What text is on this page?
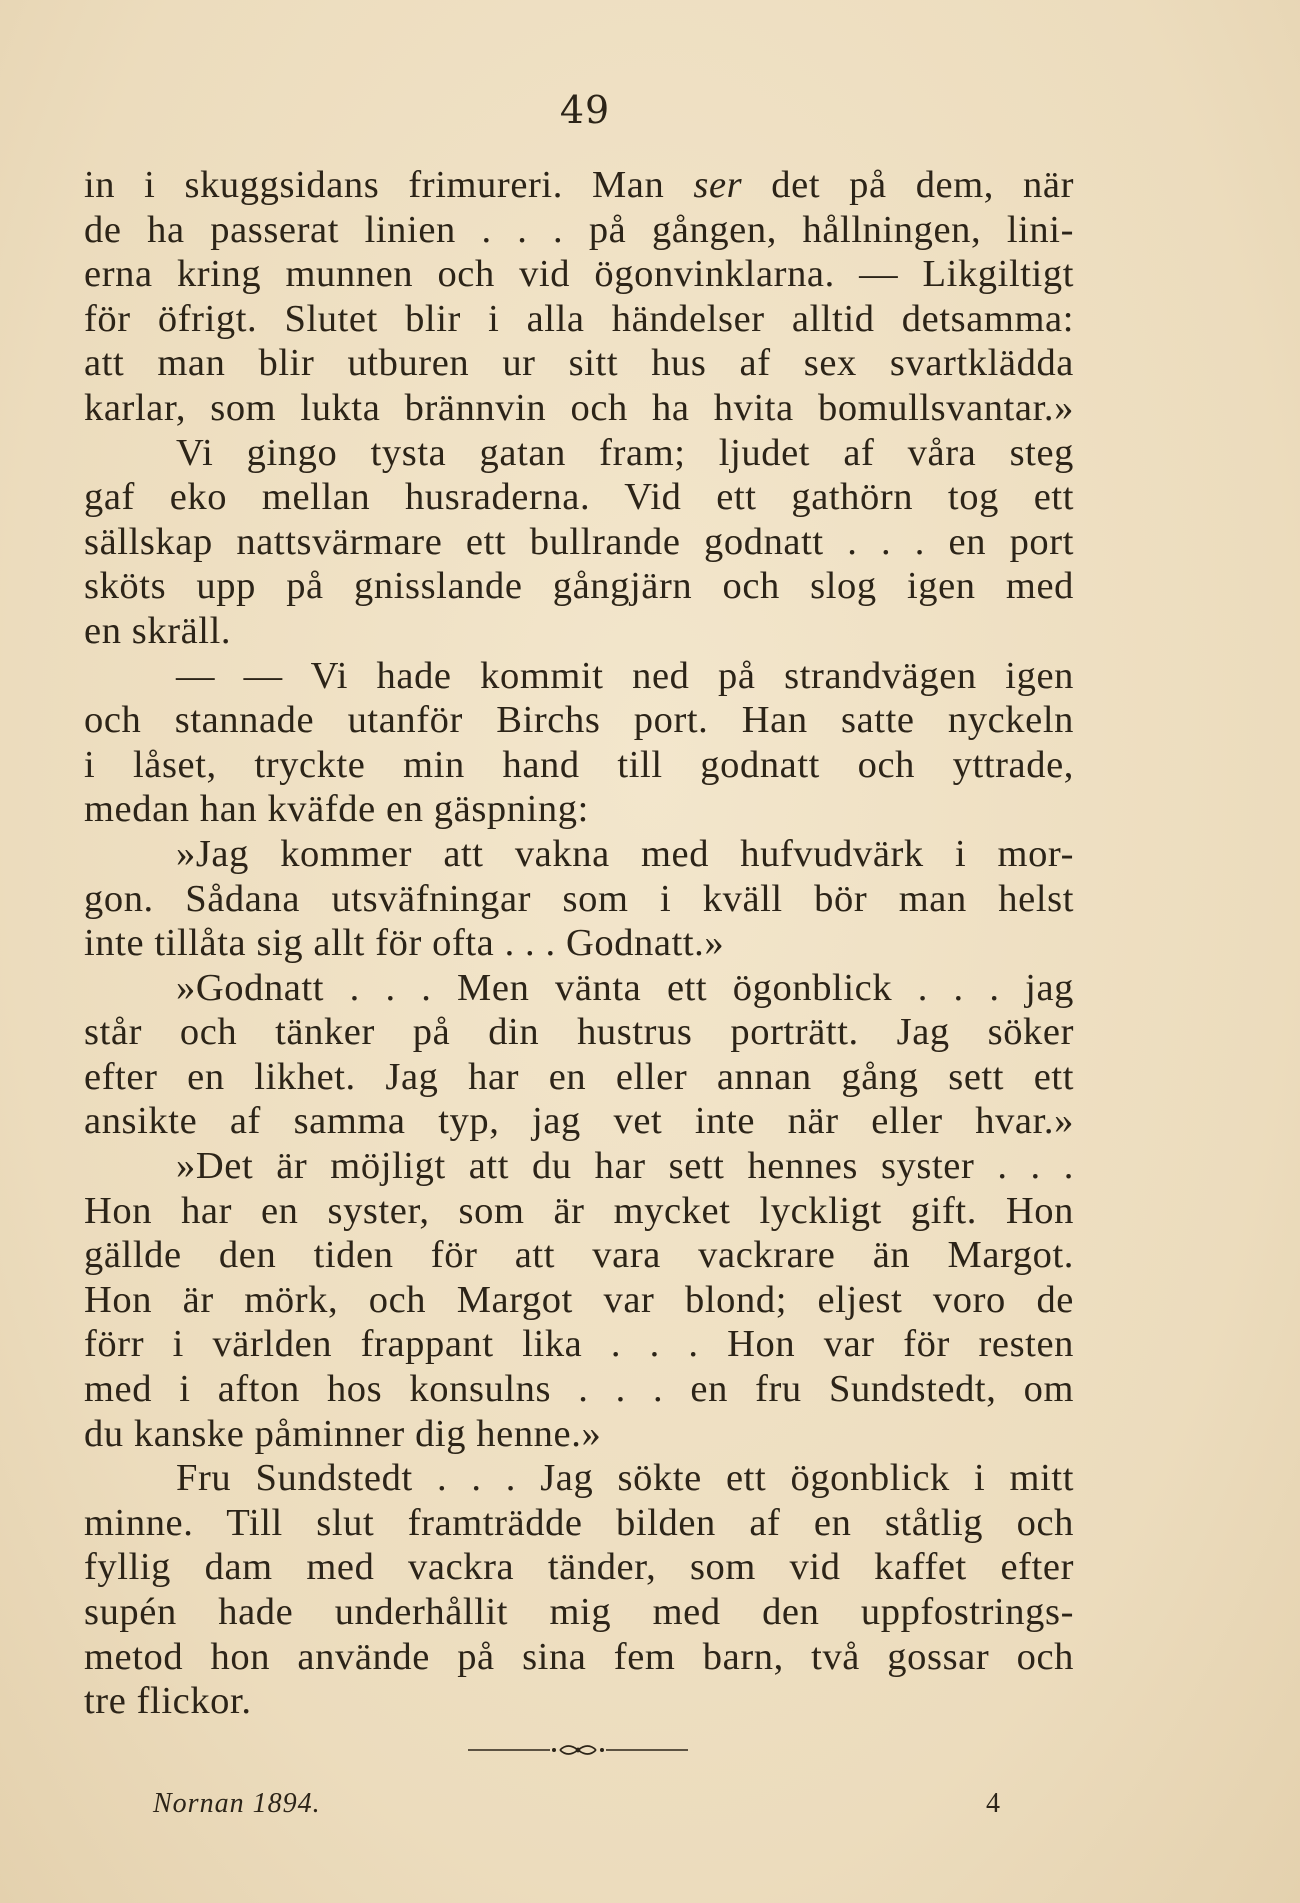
49
in i skuggsidans frimureri. Man ser det på dem, när
de ha passerat linien . . . på gången, hållningen, lini-
erna kring munnen och vid ögonvinklarna. — Likgiltigt
för öfrigt. Slutet blir i alla händelser alltid detsamma:
att man blir utburen ur sitt hus af sex svartklädda
karlar, som lukta brännvin och ha hvita bomullsvantar.»
Vi gingo tysta gatan fram; ljudet af våra steg
gaf eko mellan husraderna. Vid ett gathörn tog ett
sällskap nattsvärmare ett bullrande godnatt . . . en port
sköts upp på gnisslande gångjärn och slog igen med
en skräll.
— — Vi hade kommit ned på strandvägen igen
och stannade utanför Birchs port. Han satte nyckeln
i låset, tryckte min hand till godnatt och yttrade,
medan han kväfde en gäspning:
»Jag kommer att vakna med hufvudvärk i mor-
gon. Sådana utsväfningar som i kväll bör man helst
inte tillåta sig allt för ofta . . . Godnatt.»
»Godnatt . . . Men vänta ett ögonblick . . . jag
står och tänker på din hustrus porträtt. Jag söker
efter en likhet. Jag har en eller annan gång sett ett
ansikte af samma typ, jag vet inte när eller hvar.»
»Det är möjligt att du har sett hennes syster . . .
Hon har en syster, som är mycket lyckligt gift. Hon
gällde den tiden för att vara vackrare än Margot.
Hon är mörk, och Margot var blond; eljest voro de
förr i världen frappant lika . . . Hon var för resten
med i afton hos konsulns . . . en fru Sundstedt, om
du kanske påminner dig henne.»
Fru Sundstedt . . . Jag sökte ett ögonblick i mitt
minne. Till slut framträdde bilden af en ståtlig och
fyllig dam med vackra tänder, som vid kaffet efter
supén hade underhållit mig med den uppfostrings-
metod hon använde på sina fem barn, två gossar och
tre flickor.
Nornan 1894.	4
